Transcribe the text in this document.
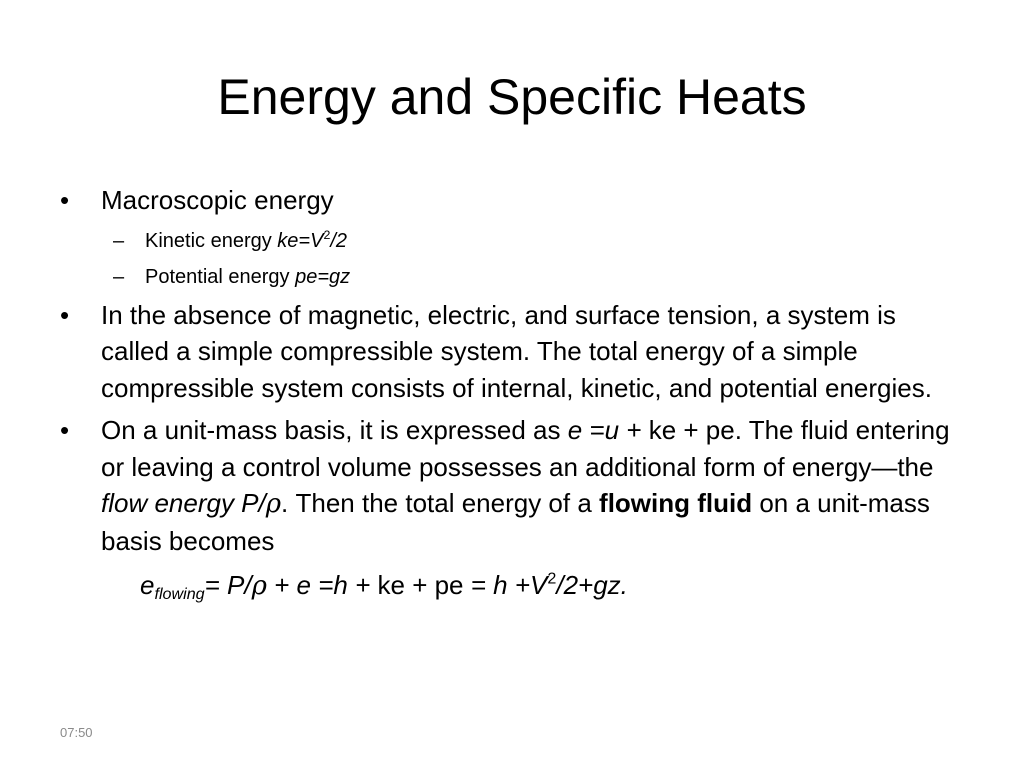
Energy and Specific Heats
• Macroscopic energy
– Kinetic energy $ke=V^2/2$
– Potential energy pe=gz
• In the absence of magnetic, electric, and surface tension, a system is called a simple compressible system. The total energy of a simple compressible system consists of internal, kinetic, and potential energies.
• On a unit-mass basis, it is expressed as e =u + ke + pe. The fluid entering or leaving a control volume possesses an additional form of energy—the flow energy P/ρ. Then the total energy of a flowing fluid on a unit-mass basis becomes
$e_{flowing}= P/\rho + e =h$ + ke + pe = $h +V^2/2+gz$.
07:50
